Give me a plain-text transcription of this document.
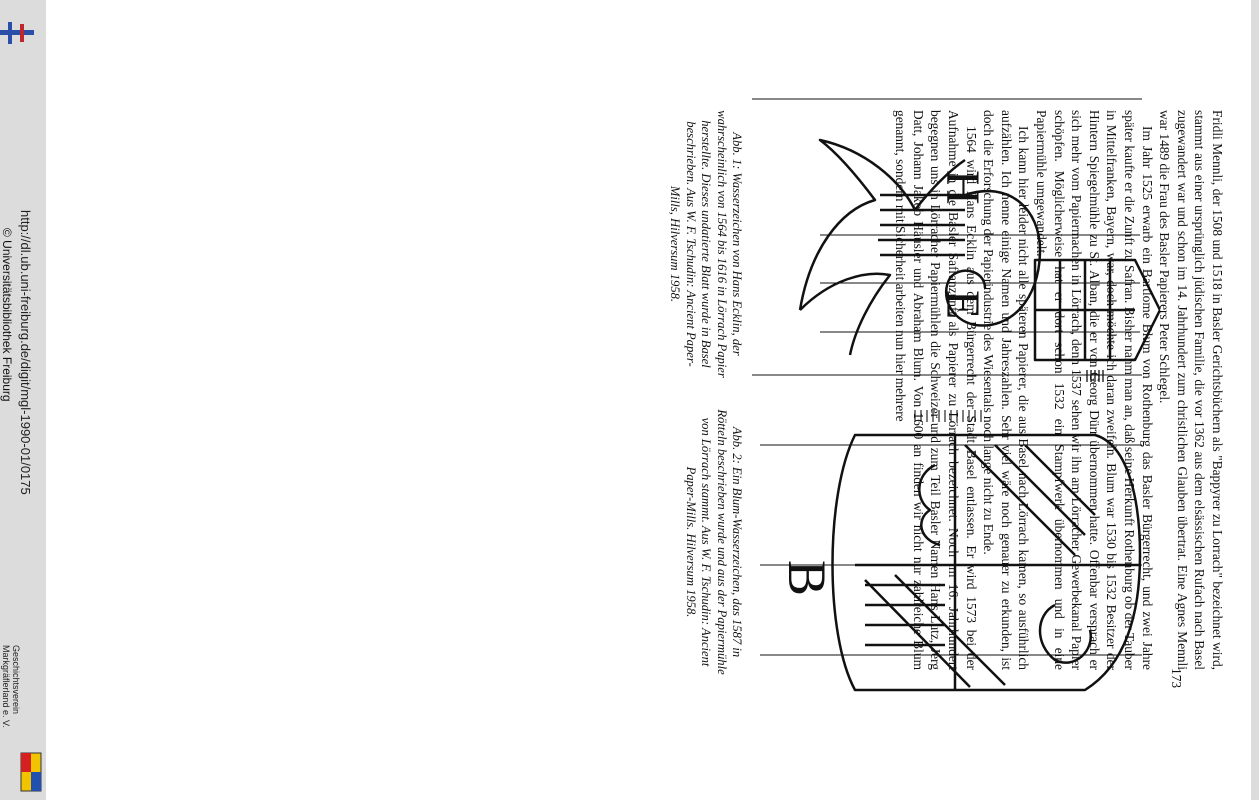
http://dl.ub.uni-freiburg.de/digit/mgl-1990-01/0175
© Universitätsbibliothek Freiburg
Geschichtsverein
Markgräflerland e. V.
H
E
B
Abb. 1: Wasserzeichen von Hans Ecklin, der wahrscheinlich von 1564 bis 1616 in Lörrach Papier herstellte. Dieses undatierte Blatt wurde in Basel beschrieben. Aus W. F. Tschudin: Ancient Paper-Mills, Hilversum 1958.
Abb. 2: Ein Blum-Wasserzeichen, das 1587 in Rötteln beschrieben wurde und aus der Papiermühle von Lörrach stammt. Aus W. F. Tschudin: Ancient Paper-Mills. Hilversum 1958.	Fridli Mennli, der 1508 und 1518 in Basler Gerichtsbüchern als "Bappyrer zu Lorrach" bezeichnet wird, stammt aus einer ursprünglich jüdischen Familie, die vor 1362 aus dem elsässischen Rufach nach Basel zugewandert war und schon im 14. Jahrhundert zum christlichen Glauben übertrat. Eine Agnes Mennli war 1489 die Frau des Basler Papierers Peter Schlegel.

Im Jahr 1525 erwarb ein Bartlome Blum von Rothenburg das Basler Bürgerrecht, und zwei Jahre später kaufte er die Zunft zu Safran. Bisher nahm man an, daß seine Herkunft Rothenburg ob der Tauber in Mittelfranken, Bayern, war, doch möchte ich daran zweifeln. Blum war 1530 bis 1532 Besitzer der Hintern Spiegelmühle zu St. Alban, die er von Georg Dürr übernommen hatte. Offenbar versprach er sich mehr vom Papiermachen in Lörrach, denn 1537 sehen wir ihn am Lörracher Gewerbekanal Papier schöpfen. Möglicherweise hat er dort schon 1532 ein Stampfwerk übernommen und in eine Papiermühle umgewandelt.

Ich kann hier leider nicht alle späteren Papierer, die aus Basel nach Lörrach kamen, so ausführlich aufzählen. Ich nenne einige Namen und Jahreszahlen. Sehr viel wäre noch genauer zu erkunden, ist doch die Erforschung der Papierindustrie des Wiesentals noch lange nicht zu Ende.

1564 wird Hans Ecklin aus dem Bürgerrecht der Stadt Basel entlassen. Er wird 1573 bei der Aufnahme in die Basler Safranzunft als Papierer zu Lörrach bezeichnet. Noch im 16. Jahrhundert begegnen uns in Lörracher Papiermühlen die Schweizer und zum Teil Basler Namen Hans Lutz, Jerg Datt, Johann Jakob Häusler und Abraham Blum. Von 1600 an finden wir nicht nur zahlreiche Blum genannt, sondern mit Sicherheit arbeiten nun hier mehrere

173
